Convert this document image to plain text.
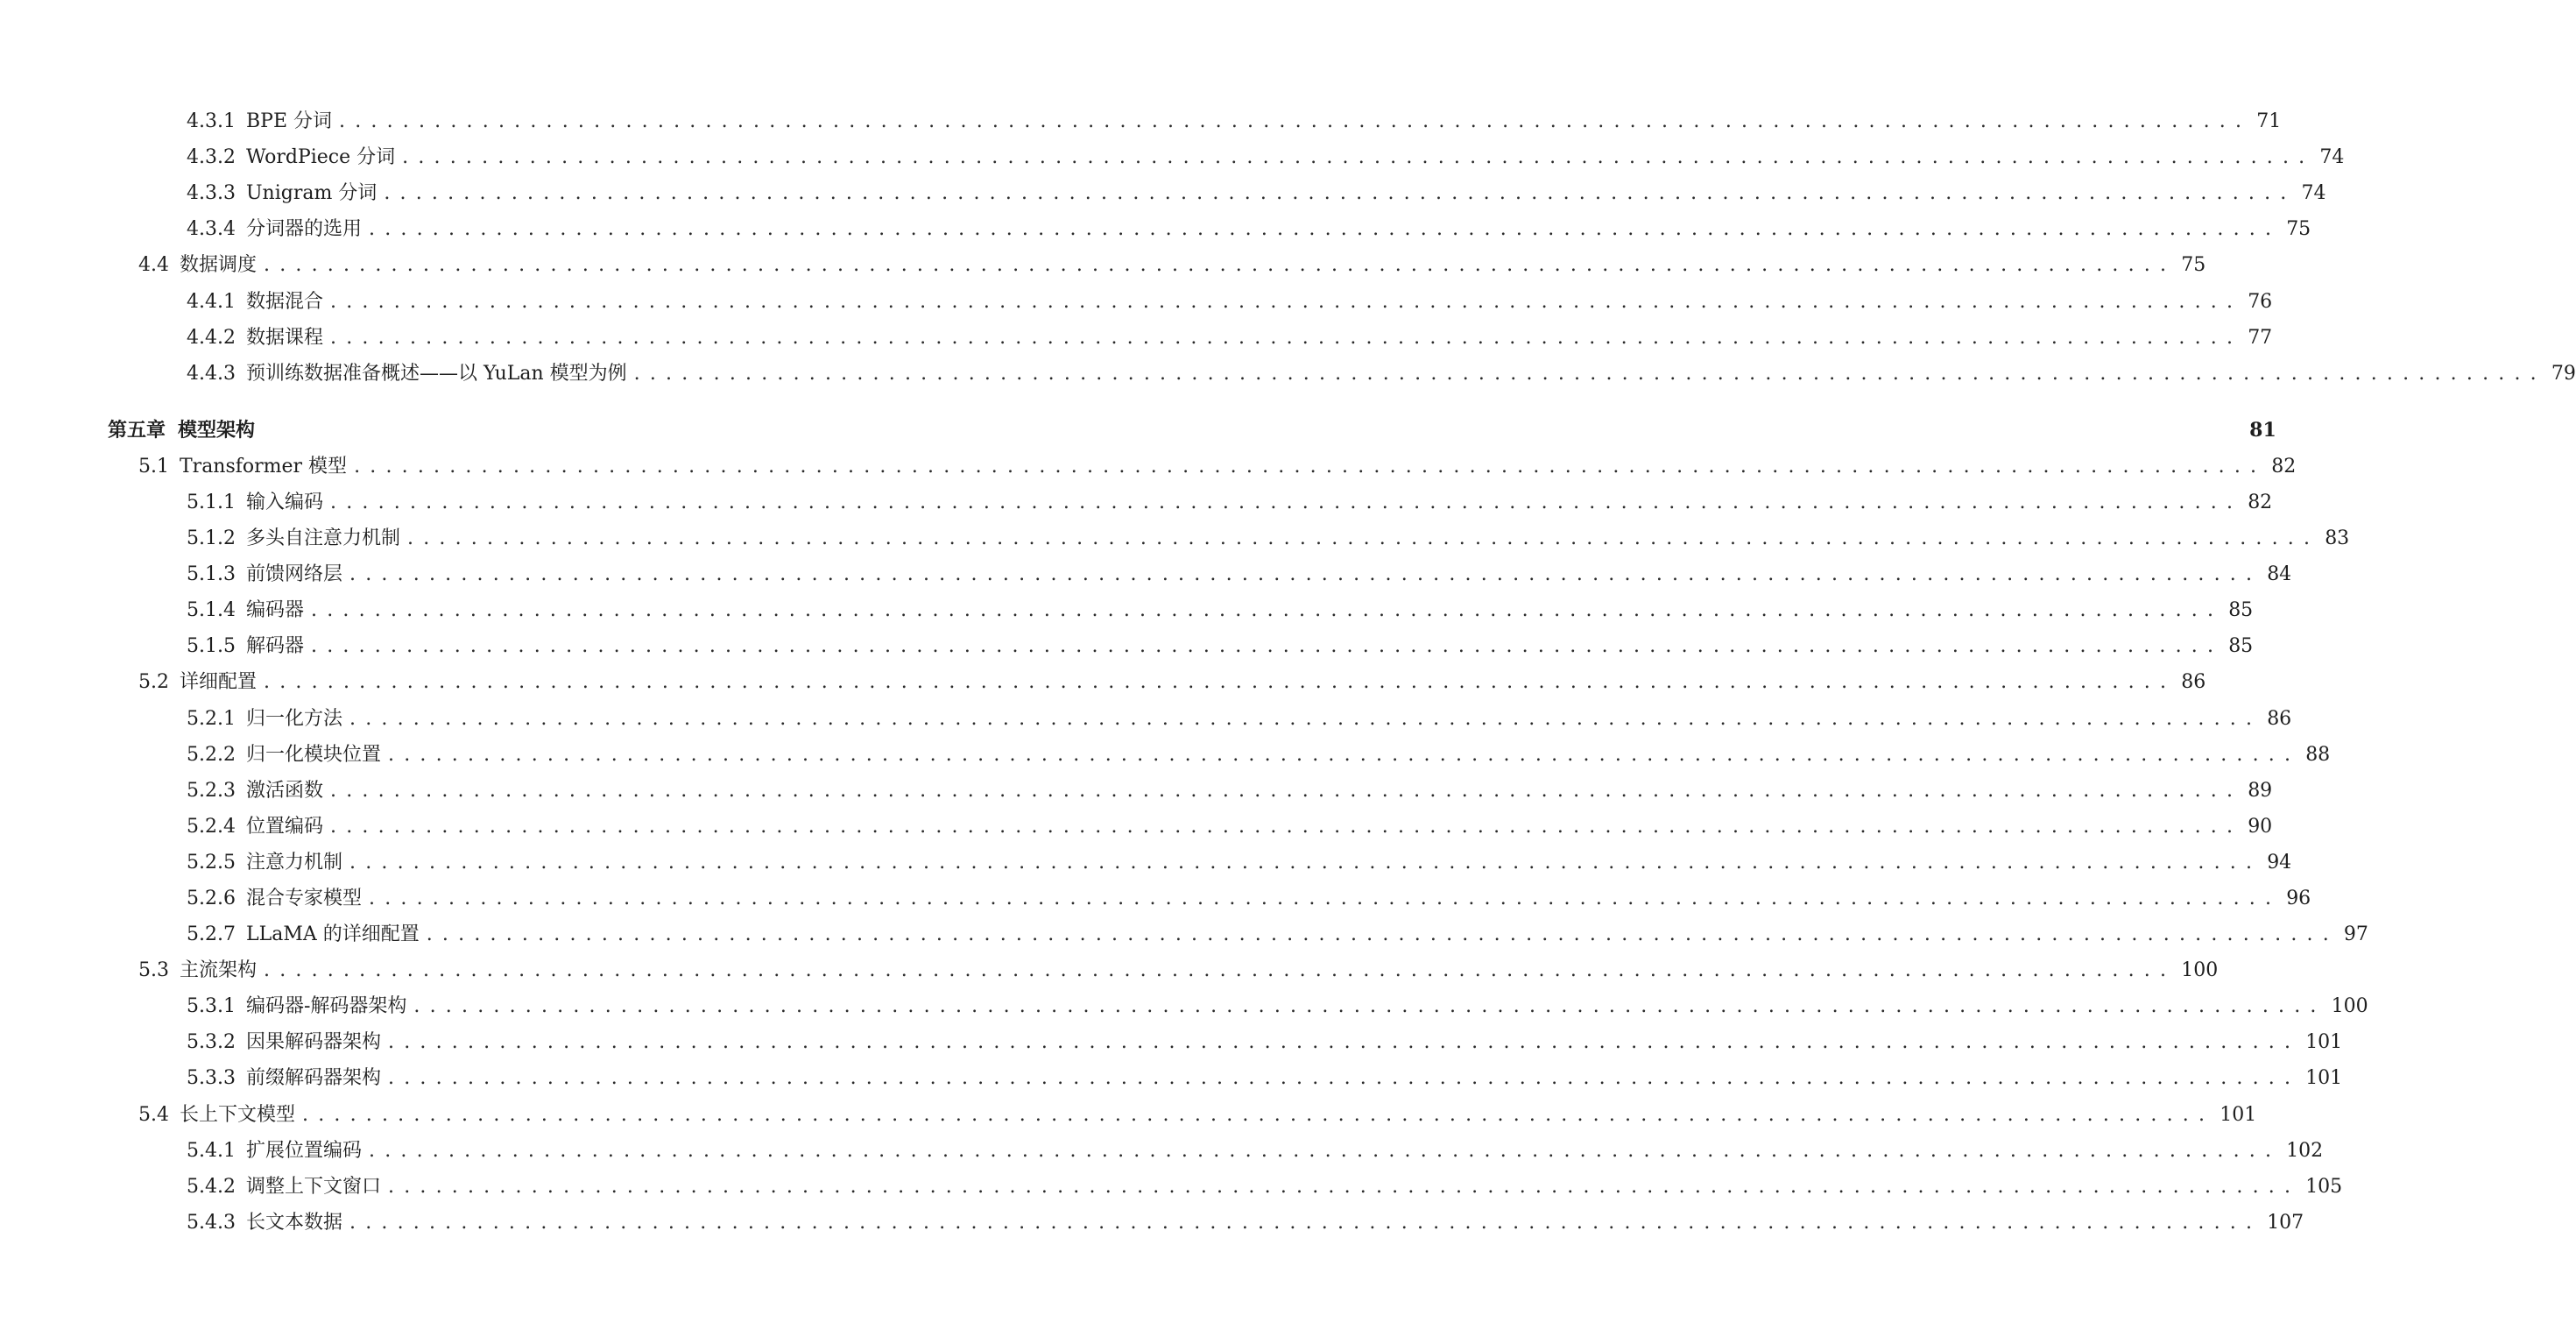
4.3.1 BPE 分词 ........................................................................................................................ 71
4.3.2 WordPiece 分词 ........................................................................................................................ 74
4.3.3 Unigram 分词 ........................................................................................................................ 74
4.3.4 分词器的选用 ........................................................................................................................ 75
4.4 数据调度 ........................................................................................................................ 75
4.4.1 数据混合 ........................................................................................................................ 76
4.4.2 数据课程 ........................................................................................................................ 77
4.4.3 预训练数据准备概述——以 YuLan 模型为例 ........................................................................................................................ 79
第五章 模型架构	81
5.1 Transformer 模型 ........................................................................................................................ 82
5.1.1 输入编码 ........................................................................................................................ 82
5.1.2 多头自注意力机制 ........................................................................................................................ 83
5.1.3 前馈网络层 ........................................................................................................................ 84
5.1.4 编码器 ........................................................................................................................ 85
5.1.5 解码器 ........................................................................................................................ 85
5.2 详细配置 ........................................................................................................................ 86
5.2.1 归一化方法 ........................................................................................................................ 86
5.2.2 归一化模块位置 ........................................................................................................................ 88
5.2.3 激活函数 ........................................................................................................................ 89
5.2.4 位置编码 ........................................................................................................................ 90
5.2.5 注意力机制 ........................................................................................................................ 94
5.2.6 混合专家模型 ........................................................................................................................ 96
5.2.7 LLaMA 的详细配置 ........................................................................................................................ 97
5.3 主流架构 ........................................................................................................................ 100
5.3.1 编码器-解码器架构 ........................................................................................................................ 100
5.3.2 因果解码器架构 ........................................................................................................................ 101
5.3.3 前缀解码器架构 ........................................................................................................................ 101
5.4 长上下文模型 ........................................................................................................................ 101
5.4.1 扩展位置编码 ........................................................................................................................ 102
5.4.2 调整上下文窗口 ........................................................................................................................ 105
5.4.3 长文本数据 ........................................................................................................................ 107
